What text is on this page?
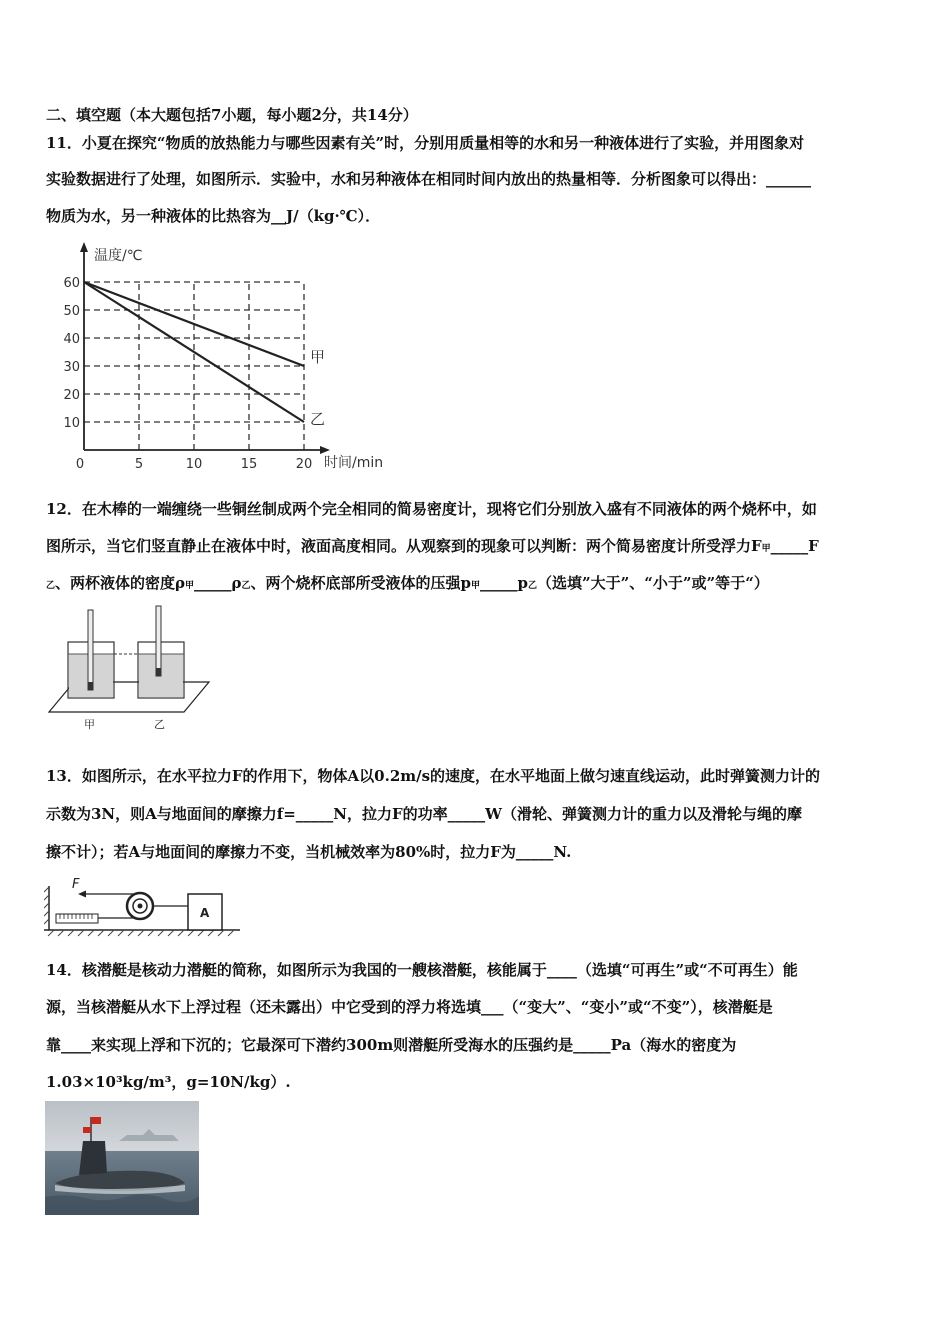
二、填空题（本大题包括7小题，每小题2分，共14分）
11．小夏在探究“物质的放热能力与哪些因素有关”时，分别用质量相等的水和另一种液体进行了实验，并用图象对
实验数据进行了处理，如图所示．实验中，水和另种液体在相同时间内放出的热量相等．分析图象可以得出：______
物质为水，另一种液体的比热容为__J/（kg·℃）．
温度/℃
时间/min
10
20
30
40
50
60
0	5	10	15	20
甲
乙
12．在木棒的一端缠绕一些铜丝制成两个完全相同的简易密度计，现将它们分别放入盛有不同液体的两个烧杯中，如
图所示，当它们竖直静止在液体中时，液面高度相同。从观察到的现象可以判断：两个简易密度计所受浮力F甲_____F
乙、两杯液体的密度ρ甲_____ρ乙、两个烧杯底部所受液体的压强p甲_____p乙（选填”大于”、“小于”或”等于“）
甲	乙
13．如图所示，在水平拉力F的作用下，物体A以0.2m/s的速度，在水平地面上做匀速直线运动，此时弹簧测力计的
示数为3N，则A与地面间的摩擦力f=_____N，拉力F的功率_____W（滑轮、弹簧测力计的重力以及滑轮与绳的摩
擦不计）；若A与地面间的摩擦力不变，当机械效率为80%时，拉力F为_____N.
F
A
14．核潜艇是核动力潜艇的简称，如图所示为我国的一艘核潜艇，核能属于____（选填“可再生”或“不可再生）能
源，当核潜艇从水下上浮过程（还未露出）中它受到的浮力将选填___（“变大”、“变小”或“不变”），核潜艇是
靠____来实现上浮和下沉的；它最深可下潜约300m则潜艇所受海水的压强约是_____Pa（海水的密度为
1.03×10³kg/m³，g=10N/kg）.
